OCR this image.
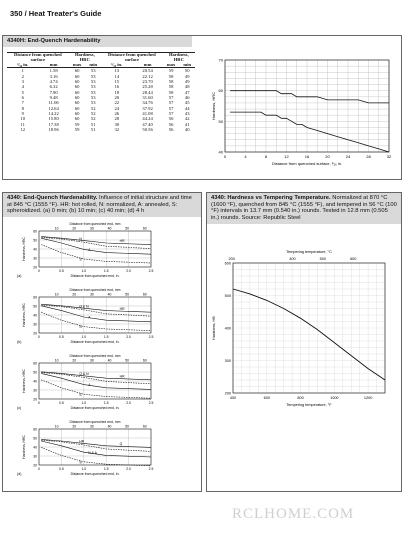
350 / Heat Treater's Guide
4340H: End-Quench Hardenability
Distance from quenched surface		Hardness, HRC		Distance from quenched surface		Hardness, HRC	
¹⁄₁₆ in.	mm	max	min	¹⁄₁₆ in.	mm	max	min
1	1.58	60	53	13	20.54	59	50
2	3.16	60	53	14	22.12	58	49
3	4.74	60	53	15	23.70	58	49
4	6.32	60	53	16	25.28	58	48
5	7.90	60	53	18	28.44	58	47
6	9.48	60	53	20	31.60	57	46
7	11.06	60	53	22	34.76	57	45
8	12.64	60	52	24	37.92	57	44
9	14.22	60	52	26	41.08	57	43
10	15.80	60	52	28	44.24	56	42
11	17.38	59	51	30	47.40	56	41
12	18.96	59	51	32	50.56	56	40
70
60
50
40
0	4	8	12	16	20	24	28	32
Distance from quenched surface, ¹⁄₁₆ in.
Hardness, HRC
4340: End-Quench Hardenability. Influence of initial structure and time at 845 °C (1555 °F). HR: hot rolled, N: normalized, A: annealed, S: spheroidized. (a) 0 min; (b) 10 min; (c) 40 min; (d) 4 h
Distance from quenched end, mm
10	20	30	40	50	60
60
50
40
30
20
0	0.5	1.0	1.5	2.0	2.5
Distance from quenched end, in.
Hardness, HRC
(a)
N
HR
A
S
Distance from quenched end, mm
10	20	30	40	50	60
60
50
40
30
20
0	0.5	1.0	1.5	2.0	2.5
Distance from quenched end, in.
Hardness, HRC
(b)
Q & N
HR
A
S
Distance from quenched end, mm
10	20	30	40	50	60
60
50
40
30
20
0	0.5	1.0	1.5	2.0	2.5
Distance from quenched end, in.
Hardness, HRC
(c)
Q & N
HR
A
S
Distance from quenched end, mm
10	20	30	40	50	60
60
50
40
30
20
0	0.5	1.0	1.5	2.0	2.5
Distance from quenched end, in.
Hardness, HRC
(d)
HR
Q
N & A
S
4340: Hardness vs Tempering Temperature. Normalized at 870 °C (1600 °F), quenched from 845 °C (1555 °F), and tempered in 56 °C (100 °F) intervals in 13.7 mm (0.540 in.) rounds. Tested in 12.8 mm (0.505 in.) rounds. Source: Republic Steel
Tempering temperature, °C
200	400	500	600
600
500
400
300
200
400	600	800	1000	1200
Tempering temperature, °F
Hardness, HB
RCLHOME.COM
